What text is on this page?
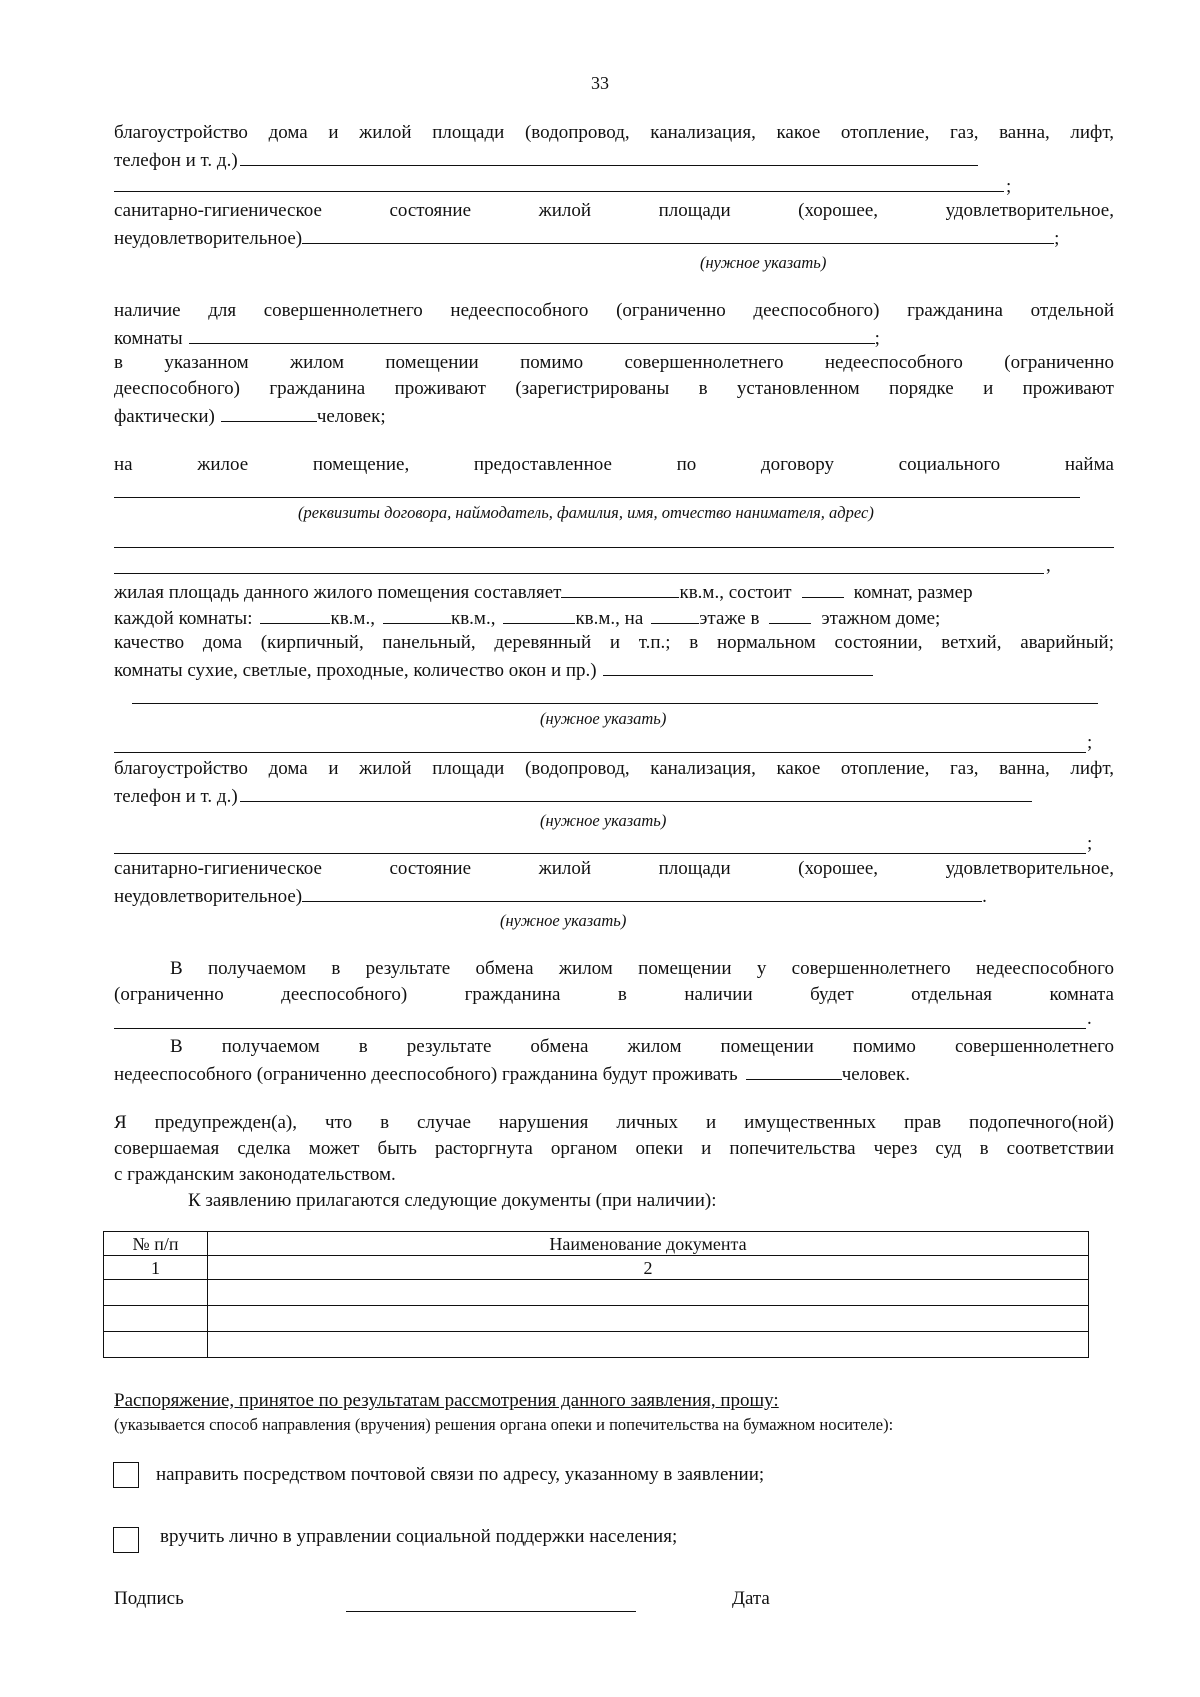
33
благоустройство дома и жилой площади (водопровод, канализация, какое отопление, газ, ванна, лифт,
телефон и т. д.)
;
санитарно-гигиеническое	состояние	жилой	площади	(хорошее,	удовлетворительное,
неудовлетворительное)	;
(нужное указать)
наличие для совершеннолетнего недееспособного (ограниченно дееспособного) гражданина отдельной
комнаты	;
в указанном жилом помещении помимо совершеннолетнего недееспособного (ограниченно
дееспособного) гражданина проживают (зарегистрированы в установленном порядке и проживают
фактически)	человек;
на	жилое	помещение,	предоставленное	по	договору	социального	найма
(реквизиты договора, наймодатель, фамилия, имя, отчество нанимателя, адрес)
,
жилая площадь данного жилого помещения составляет	кв.м., состоит	комнат, размер
каждой комнаты:	кв.м.,	кв.м.,	кв.м., на	этаже в	этажном доме;
качество дома (кирпичный, панельный, деревянный и т.п.; в нормальном состоянии, ветхий, аварийный;
комнаты сухие, светлые, проходные, количество окон и пр.)
(нужное указать)
;
благоустройство дома и жилой площади (водопровод, канализация, какое отопление, газ, ванна, лифт,
телефон и т. д.)
(нужное указать)
;
санитарно-гигиеническое	состояние	жилой	площади	(хорошее,	удовлетворительное,
неудовлетворительное)	.
(нужное указать)
В получаемом в результате обмена жилом помещении у совершеннолетнего недееспособного
(ограниченно дееспособного) гражданина в наличии будет отдельная комната
.
В получаемом в результате обмена жилом помещении помимо совершеннолетнего
недееспособного (ограниченно дееспособного) гражданина будут проживать	человек.
Я предупрежден(а), что в случае нарушения личных и имущественных прав подопечного(ной)
совершаемая сделка может быть расторгнута органом опеки и попечительства через суд в соответствии
с гражданским законодательством.
К заявлению прилагаются следующие документы (при наличии):
№ п/п	Наименование документа
1	2

Распоряжение, принятое по результатам рассмотрения данного заявления, прошу:
(указывается способ направления (вручения) решения органа опеки и попечительства на бумажном носителе):
направить посредством почтовой связи по адресу, указанному в заявлении;
вручить лично в управлении социальной поддержки населения;
Подпись	Дата
